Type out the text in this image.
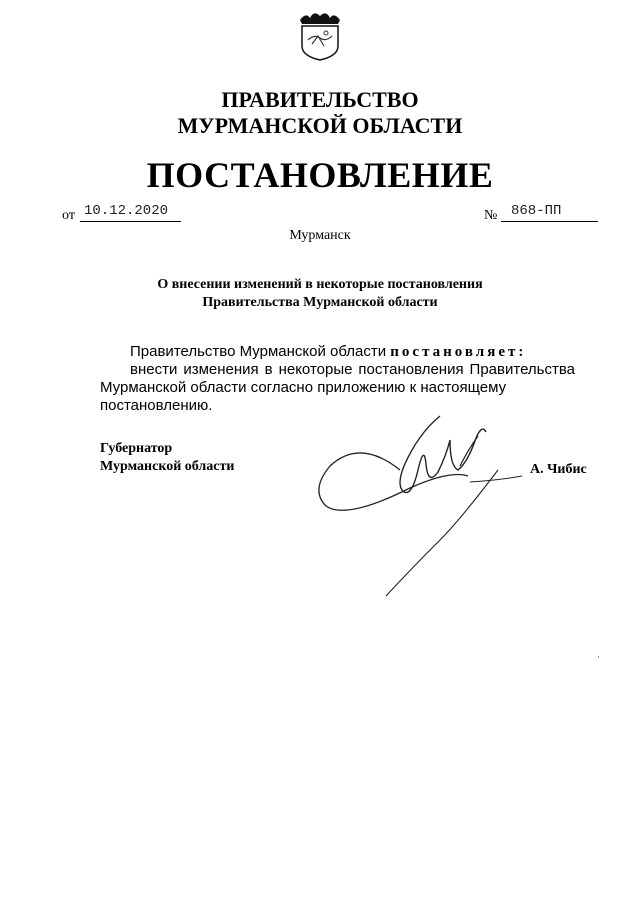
ПРАВИТЕЛЬСТВО
МУРМАНСКОЙ ОБЛАСТИ
ПОСТАНОВЛЕНИЕ
от 10.12.2020	№ 868-ПП
Мурманск
О внесении изменений в некоторые постановления
Правительства Мурманской области

Правительство Мурманской области постановляет:

внести изменения в некоторые постановления Правительства

Мурманской области согласно приложению к настоящему постановлению.

Губернатор
Мурманской области	А. Чибис
